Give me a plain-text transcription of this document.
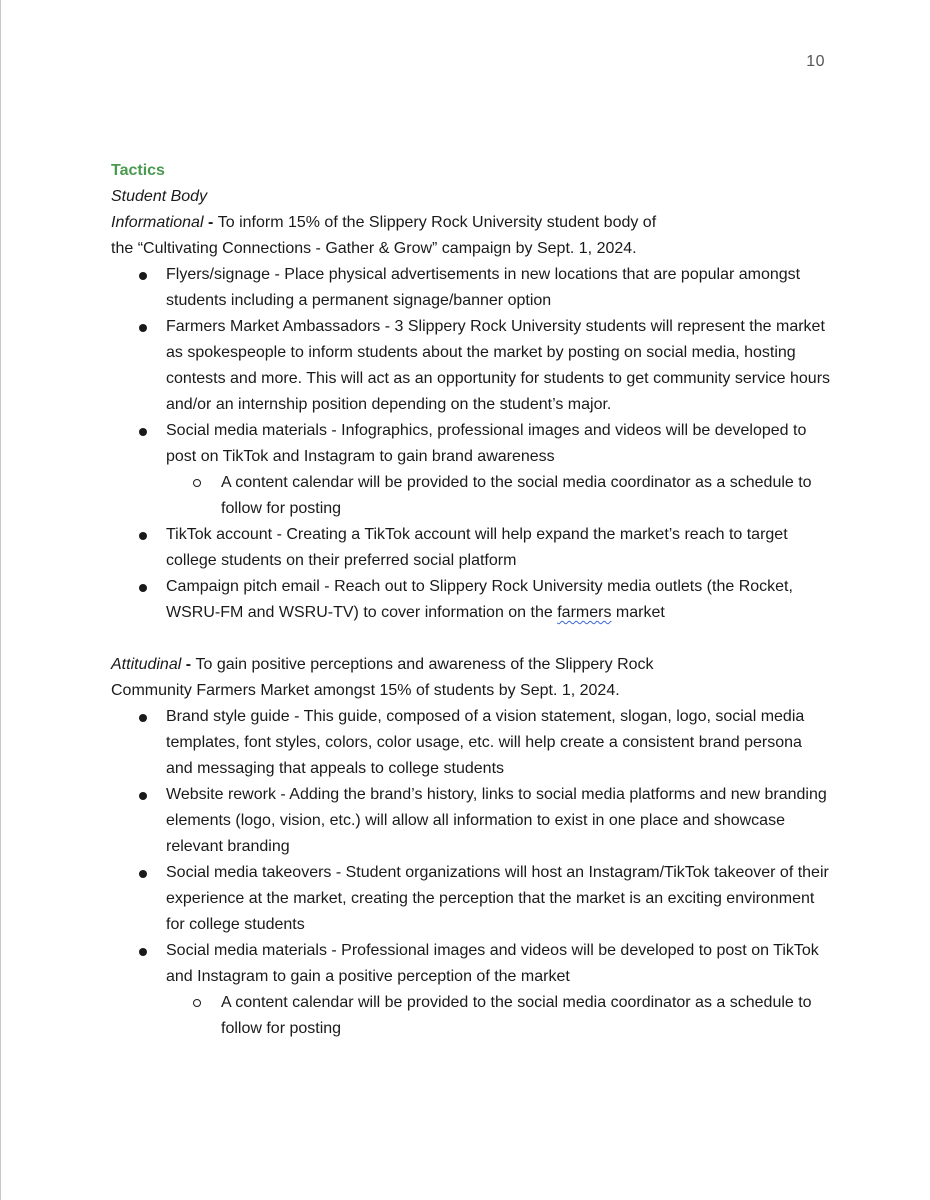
10

Tactics

Student Body

Informational - To inform 15% of the Slippery Rock University student body of
the “Cultivating Connections - Gather & Grow” campaign by Sept. 1, 2024.

Flyers/signage - Place physical advertisements in new locations that are popular amongst students including a permanent signage/banner option
Farmers Market Ambassadors - 3 Slippery Rock University students will represent the market as spokespeople to inform students about the market by posting on social media, hosting contests and more. This will act as an opportunity for students to get community service hours and/or an internship position depending on the student’s major.
Social media materials - Infographics, professional images and videos will be developed to post on TikTok and Instagram to gain brand awareness
A content calendar will be provided to the social media coordinator as a schedule to follow for posting
TikTok account - Creating a TikTok account will help expand the market’s reach to target college students on their preferred social platform
Campaign pitch email - Reach out to Slippery Rock University media outlets (the Rocket, WSRU-FM and WSRU-TV) to cover information on the farmers market

Attitudinal - To gain positive perceptions and awareness of the Slippery Rock
Community Farmers Market amongst 15% of students by Sept. 1, 2024.

Brand style guide - This guide, composed of a vision statement, slogan, logo, social media templates, font styles, colors, color usage, etc. will help create a consistent brand persona and messaging that appeals to college students
Website rework - Adding the brand’s history, links to social media platforms and new branding elements (logo, vision, etc.) will allow all information to exist in one place and showcase relevant branding
Social media takeovers - Student organizations will host an Instagram/TikTok takeover of their experience at the market, creating the perception that the market is an exciting environment for college students
Social media materials - Professional images and videos will be developed to post on TikTok and Instagram to gain a positive perception of the market
A content calendar will be provided to the social media coordinator as a schedule to follow for posting
